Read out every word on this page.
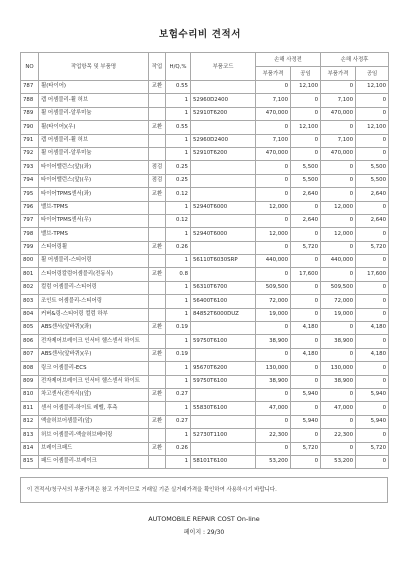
보험수리비 견적서
NO	작업항목 및 부품명	작업	H/Q,%	부품코드	손해 사정전		손해 사정후	
					부품가격	공임	부품가격	공임
787	휠(타이어)	교환	0.55		0	12,100	0	12,100
788	캡 어셈블리-휠 허브		1	52960D2400	7,100	0	7,100	0
789	휠 어셈블리-알루미늄		1	52910T6200	470,000	0	470,000	0
790	휠(타이어)(우)	교환	0.55		0	12,100	0	12,100
791	캡 어셈블리-휠 허브		1	52960D2400	7,100	0	7,100	0
792	휠 어셈블리-알루미늄		1	52910T6200	470,000	0	470,000	0
793	타이어밸런스(앞)(좌)	점검	0.25		0	5,500	0	5,500
794	타이어밸런스(앞)(우)	점검	0.25		0	5,500	0	5,500
795	타이어TPMS센서(좌)	교환	0.12		0	2,640	0	2,640
796	밸브-TPMS		1	52940T6000	12,000	0	12,000	0
797	타이어TPMS센서(우)		0.12		0	2,640	0	2,640
798	밸브-TPMS		1	52940T6000	12,000	0	12,000	0
799	스티어링휠	교환	0.26		0	5,720	0	5,720
800	휠 어셈블리-스티어링		1	56110T6030SRP	440,000	0	440,000	0
801	스티어링칼럼어셈블리(전동식)	교환	0.8		0	17,600	0	17,600
802	컬럼 어셈블리-스티어링		1	56310T6700	509,500	0	509,500	0
803	조인트 어셈블리-스티어링		1	56400T6100	72,000	0	72,000	0
804	커버&링-스티어링 컬럼 하부		1	84852T6000DUZ	19,000	0	19,000	0
805	ABS센서(앞바퀴)(좌)	교환	0.19		0	4,180	0	4,180
806	전자제어브레이크 인서터 헬스센서 하이트		1	59750T6100	38,900	0	38,900	0
807	ABS센서(앞바퀴)(우)	교환	0.19		0	4,180	0	4,180
808	링크 어셈블리-ECS		1	95670T6200	130,000	0	130,000	0
809	전자제어브레이크 인서터 헬스센서 하이트		1	59750T6100	38,900	0	38,900	0
810	차고센서(전자식)(앞)	교환	0.27		0	5,940	0	5,940
811	센서 어셈블리-하이트 레벨, 후측		1	55830T6100	47,000	0	47,000	0
812	액슬허브어셈블리(앞)	교환	0.27		0	5,940	0	5,940
813	허브 어셈블리-액슬허브베어링		1	52730T1100	22,300	0	22,300	0
814	브레이크패드	교환	0.26		0	5,720	0	5,720
815	패드 어셈블리-브레이크		1	58101T6100	53,200	0	53,200	0
이 견적서/청구서의 부품가격은 참고 가격이므로 거래일 기준 실거래가격을 확인하여 사용하시기 바랍니다.
AUTOMOBILE REPAIR COST On-line
페이지 : 29/30
